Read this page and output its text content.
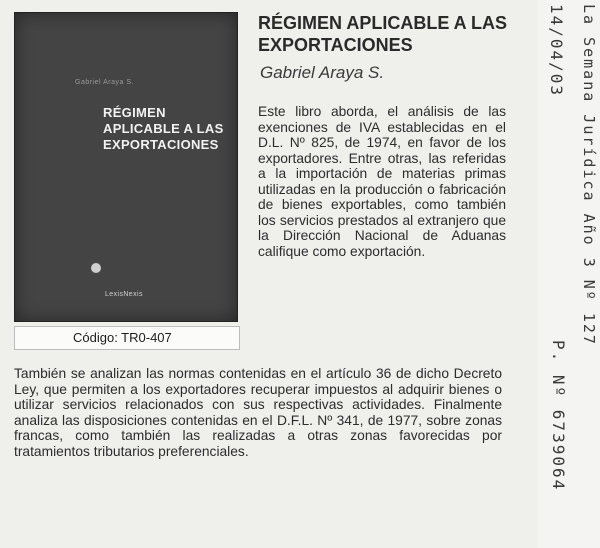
Gabriel Araya S.
RÉGIMEN APLICABLE A LAS EXPORTACIONES
LexisNexis
Código: TR0-407
RÉGIMEN APLICABLE A LAS EXPORTACIONES
Gabriel Araya S.

Este libro aborda, el análisis de las exenciones de IVA establecidas en el D.L. Nº 825, de 1974, en favor de los exportadores. Entre otras, las referidas a la importación de materias primas utilizadas en la producción o fabricación de bienes exportables, como también los servicios prestados al extranjero que la Dirección Nacional de Aduanas califique como exportación.

También se analizan las normas contenidas en el artículo 36 de dicho Decreto Ley, que permiten a los exportadores recuperar impuestos al adquirir bienes o utilizar servicios relacionados con sus respectivas actividades. Finalmente analiza las disposiciones contenidas en el D.F.L. Nº 341, de 1977, sobre zonas francas, como también las realizadas a otras zonas favorecidas por tratamientos tributarios preferenciales.

La Semana Jurídica Año 3 Nº 127
14/04/03
P. Nº 6739064
